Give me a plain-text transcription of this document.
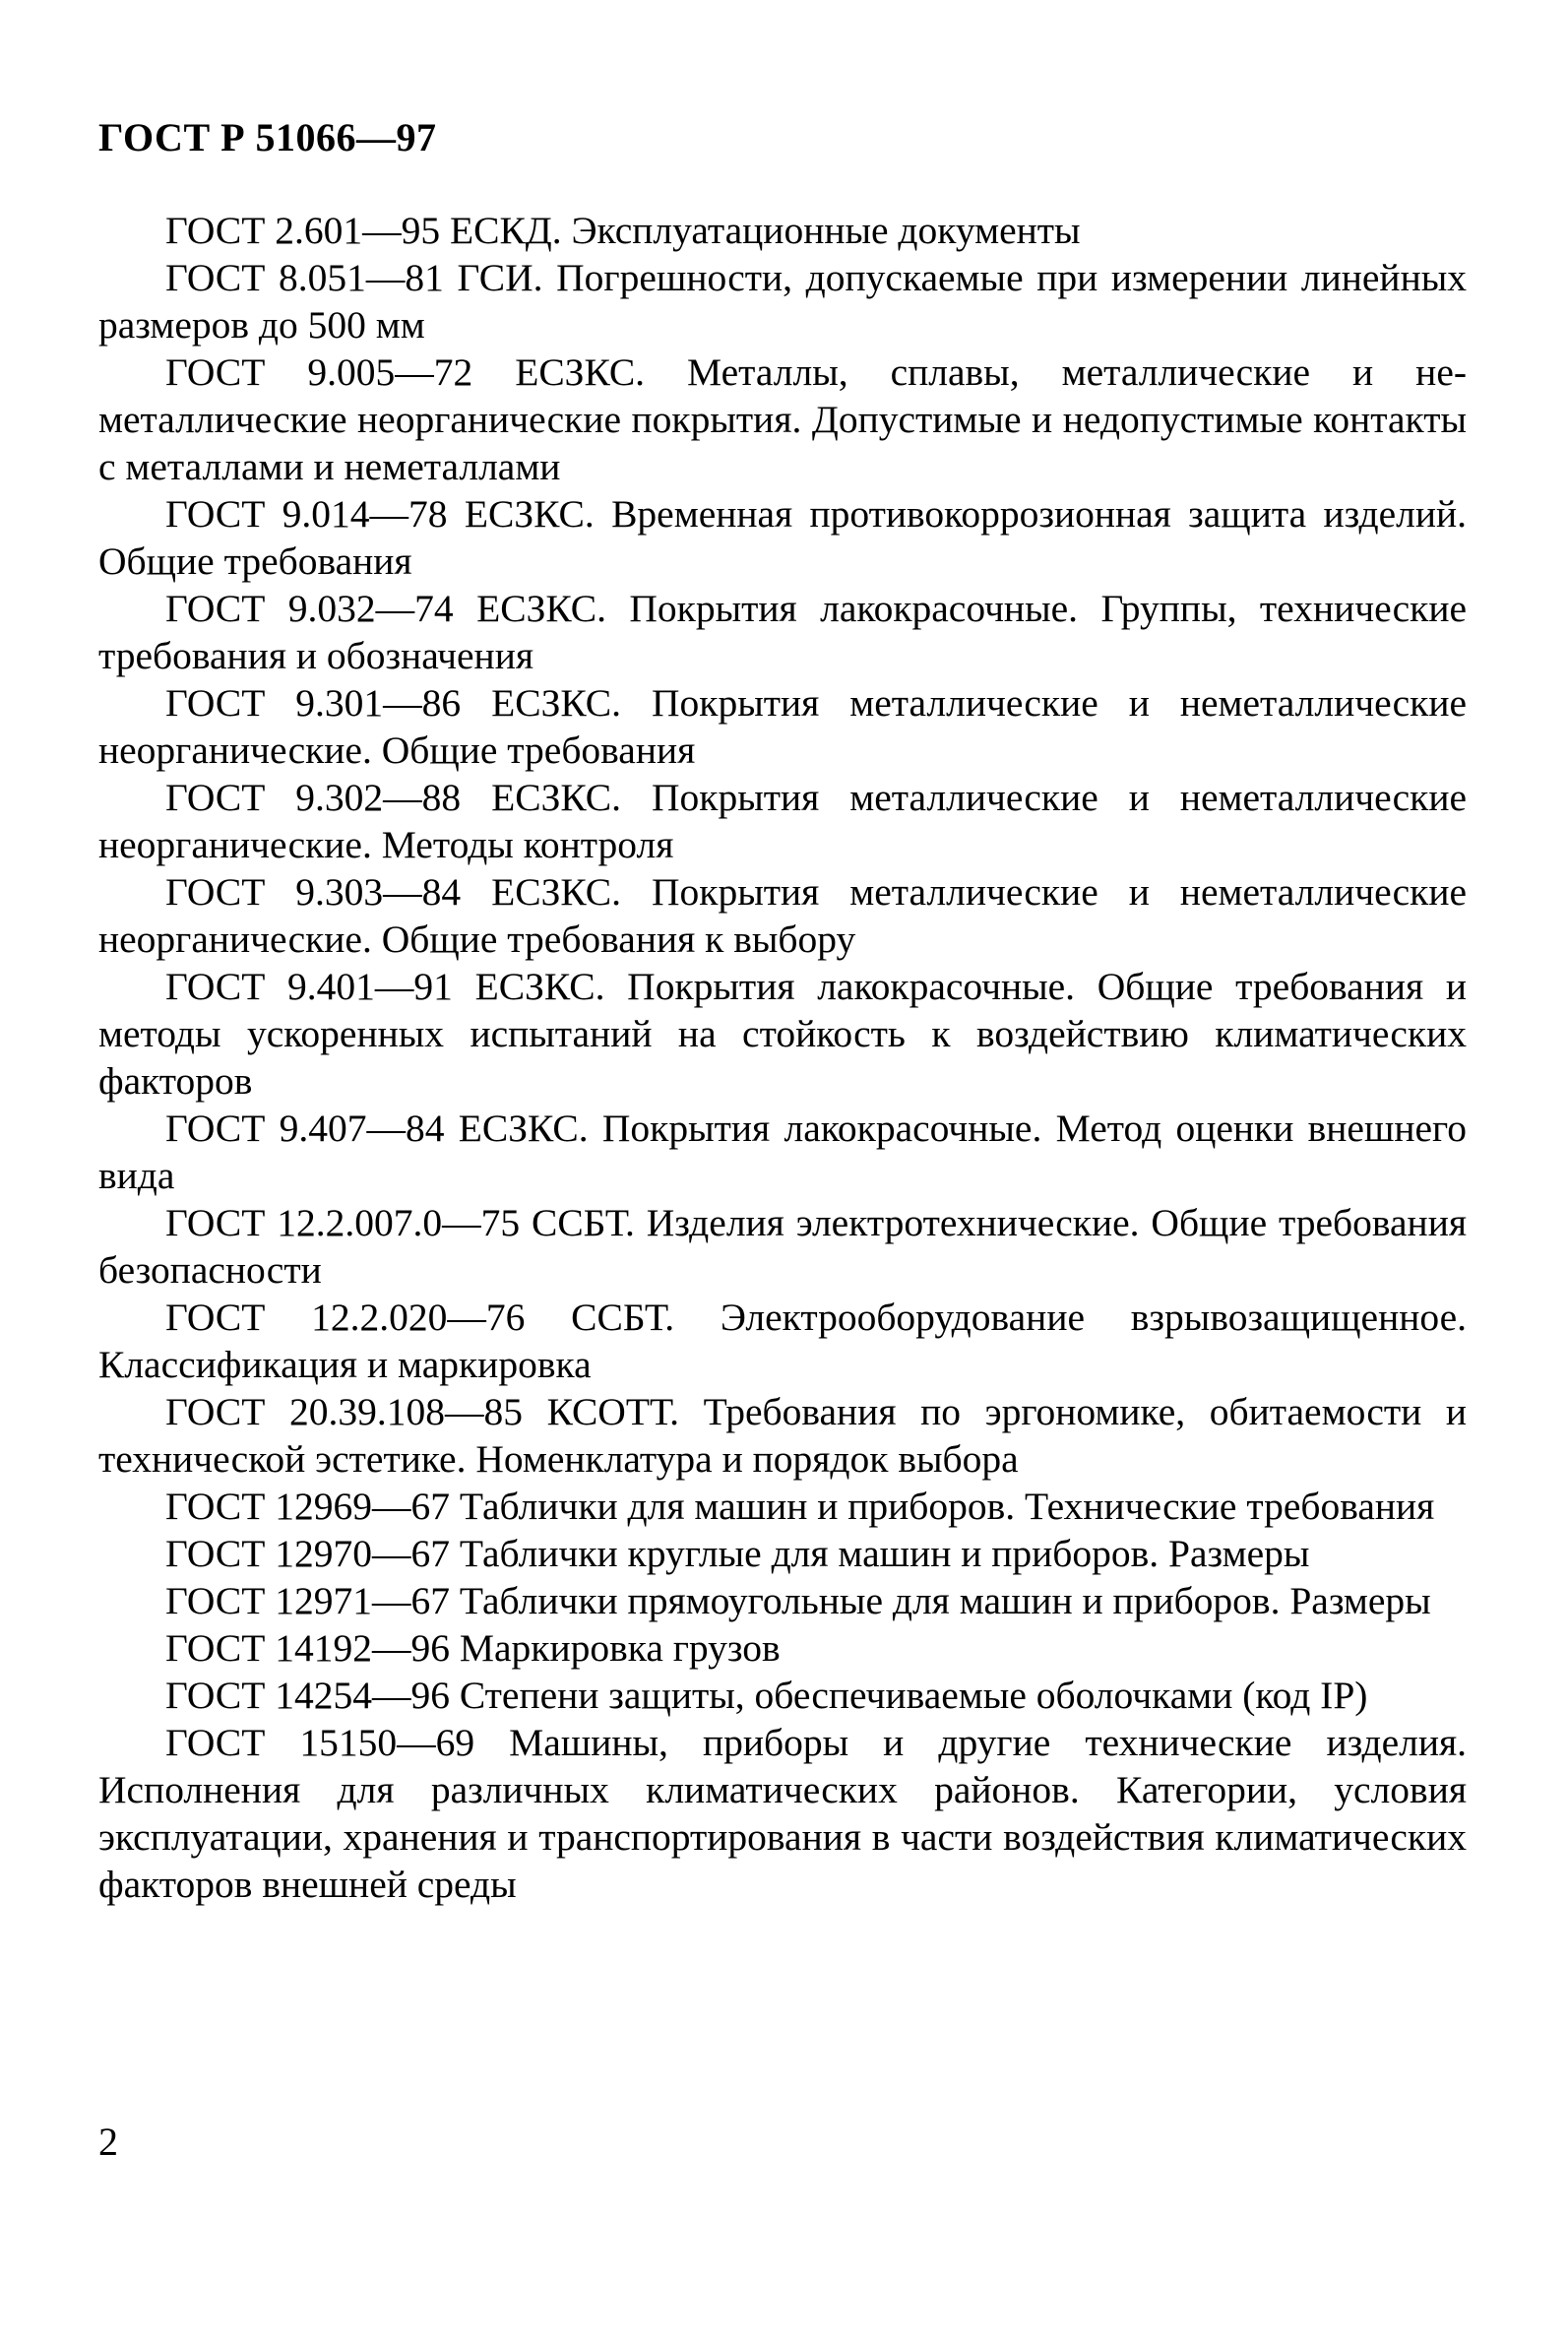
ГОСТ Р 51066—97
ГОСТ 2.601—95 ЕСКД. Эксплуатационные документы
ГОСТ 8.051—81 ГСИ. Погрешности, допускаемые при измерении линейных размеров до 500 мм
ГОСТ 9.005—72 ЕСЗКС. Металлы, сплавы, металлические и неметаллические неорганические покрытия. Допустимые и недопустимые контакты с металлами и неметаллами
ГОСТ 9.014—78 ЕСЗКС. Временная противокоррозионная защита изделий. Общие требования
ГОСТ 9.032—74 ЕСЗКС. Покрытия лакокрасочные. Группы, технические требования и обозначения
ГОСТ 9.301—86 ЕСЗКС. Покрытия металлические и неметаллические неорганические. Общие требования
ГОСТ 9.302—88 ЕСЗКС. Покрытия металлические и неметаллические неорганические. Методы контроля
ГОСТ 9.303—84 ЕСЗКС. Покрытия металлические и неметаллические неорганические. Общие требования к выбору
ГОСТ 9.401—91 ЕСЗКС. Покрытия лакокрасочные. Общие требования и методы ускоренных испытаний на стойкость к воздействию климатических факторов
ГОСТ 9.407—84 ЕСЗКС. Покрытия лакокрасочные. Метод оценки внешнего вида
ГОСТ 12.2.007.0—75 ССБТ. Изделия электротехнические. Общие требования безопасности
ГОСТ 12.2.020—76 ССБТ. Электрооборудование взрывозащищенное. Классификация и маркировка
ГОСТ 20.39.108—85 КСОТТ. Требования по эргономике, обитаемости и технической эстетике. Номенклатура и порядок выбора
ГОСТ 12969—67 Таблички для машин и приборов. Технические требования
ГОСТ 12970—67 Таблички круглые для машин и приборов. Размеры
ГОСТ 12971—67 Таблички прямоугольные для машин и приборов. Размеры
ГОСТ 14192—96 Маркировка грузов
ГОСТ 14254—96 Степени защиты, обеспечиваемые оболочками (код IP)
ГОСТ 15150—69 Машины, приборы и другие технические изделия. Исполнения для различных климатических районов. Категории, условия эксплуатации, хранения и транспортирования в части воздействия климатических факторов внешней среды
2
